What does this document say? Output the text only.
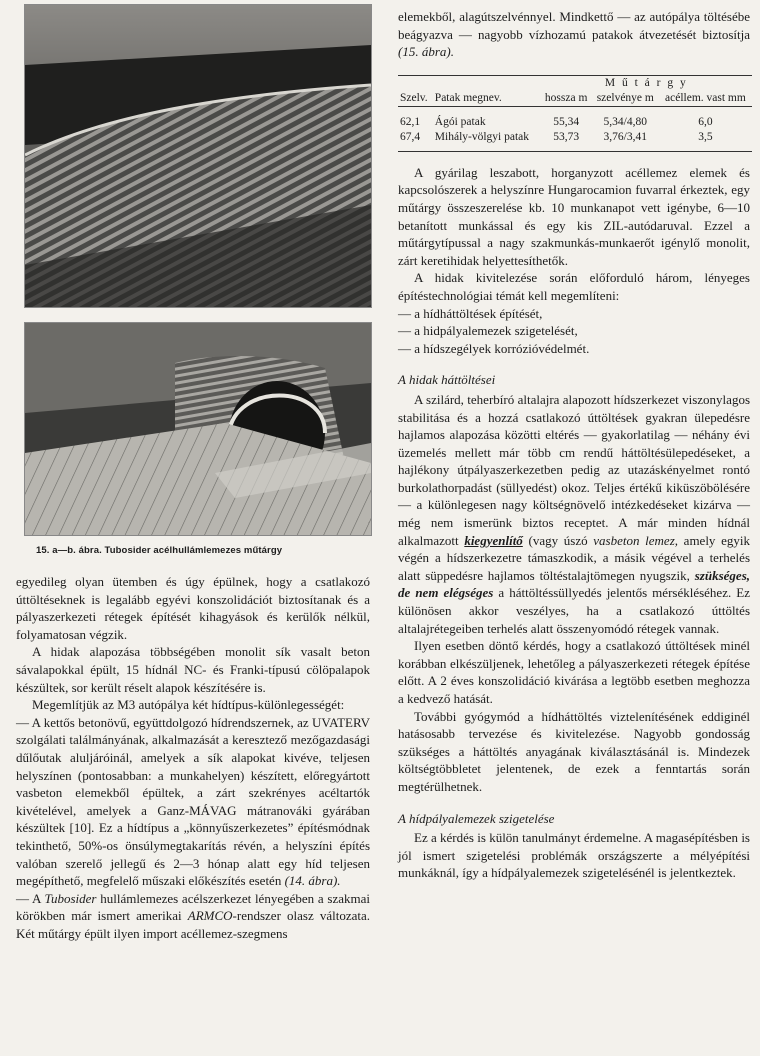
15. a—b. ábra. Tubosider acélhullámlemezes műtárgy

egyedileg olyan ütemben és úgy épülnek, hogy a csatlakozó úttöltéseknek is legalább egyévi konszolidációt biztosítanak és a pályaszerkezeti rétegek építését kihagyások és kerülők nélkül, folyamatosan végzik.

A hidak alapozása többségében monolit sík vasalt beton sávalapokkal épült, 15 hídnál NC- és Franki-típusú cölöpalapok készültek, sor került réselt alapok készítésére is.

Megemlítjük az M3 autópálya két hídtípus-különlegességét:

— A kettős betonövű, együttdolgozó hídrendszernek, az UVATERV szolgálati találmányának, alkalmazását a keresztező mezőgazdasági dűlőutak aluljáróinál, amelyek a sík alapokat kivéve, teljesen helyszínen (pontosabban: a munkahelyen) készített, előregyártott vasbeton elemekből épültek, a zárt szekrényes acéltartók kivételével, amelyek a Ganz-MÁVAG mátranováki gyárában készültek [10]. Ez a hídtípus a „könnyűszerkezetes” építésmódnak tekinthető, 50%-os önsúlymegtakarítás révén, a helyszíni építés valóban szerelő jellegű és 2—3 hónap alatt egy híd teljesen megépíthető, megfelelő műszaki előkészítés esetén (14. ábra).

— A Tubosider hullámlemezes acélszerkezet lényegében a szakmai körökben már ismert amerikai ARMCO-rendszer olasz változata. Két műtárgy épült ilyen import acéllemez-szegmens

elemekből, alagútszelvénnyel. Mindkettő — az autópálya töltésébe beágyazva — nagyobb vízhozamú patakok átvezetését biztosítja (15. ábra).

		M ű t á r g y		
Szelv.	Patak megnev.	hossza m	szelvénye m	acéllem. vast mm
62,1	Ágói patak	55,34	5,34/4,80	6,0
67,4	Mihály-völgyi patak	53,73	3,76/3,41	3,5

A gyárilag leszabott, horganyzott acéllemez elemek és kapcsolószerek a helyszínre Hungarocamion fuvarral érkeztek, egy műtárgy összeszerelése kb. 10 munkanapot vett igénybe, 6—10 betanított munkással és egy kis ZIL-autódaruval. Ezzel a műtárgytípussal a nagy szakmunkás-munkaerőt igénylő monolit, zárt keretihidak helyettesíthetők.

A hidak kivitelezése során előforduló három, lényeges építéstechnológiai témát kell megemlíteni:

— a hídháttöltések építését,

— a hidpályalemezek szigetelését,

— a hídszegélyek korrózióvédelmét.

A hidak háttöltései

A szilárd, teherbíró altalajra alapozott hídszerkezet viszonylagos stabilitása és a hozzá csatlakozó úttöltések gyakran ülepedésre hajlamos alapozása közötti eltérés — gyakorlatilag — néhány évi üzemelés mellett már több cm rendű háttöltésülepedéseket, a hajlékony útpályaszerkezetben pedig az utazáskényelmet rontó burkolathorpadást (süllyedést) okoz. Teljes értékű kiküszöbölésére — a különlegesen nagy költségnövelő intézkedéseket kizárva — még nem ismerünk biztos receptet. A már minden hídnál alkalmazott kiegyenlítő (vagy úszó vasbeton lemez, amely egyik végén a hídszerkezetre támaszkodik, a másik végével a terhelés alatt süppedésre hajlamos töltéstalajtömegen nyugszik, szükséges, de nem elégséges a háttöltéssüllyedés jelentős mérsékléséhez. Ez különösen akkor veszélyes, ha a csatlakozó úttöltés altalajrétegeiben terhelés alatt összenyomódó rétegek vannak.

Ilyen esetben döntő kérdés, hogy a csatlakozó úttöltések minél korábban elkészüljenek, lehetőleg a pályaszerkezeti rétegek építése előtt. A 2 éves konszolidáció kivárása a legtöbb esetben meghozza a kedvező hatását.

További gyógymód a hídháttöltés viztelenítésének eddiginél hatásosabb tervezése és kivitelezése. Nagyobb gondosság szükséges a háttöltés anyagának kiválasztásánál is. Mindezek költségtöbbletet jelentenek, de ezek a fenntartás során megtérülhetnek.

A hídpályalemezek szigetelése

Ez a kérdés is külön tanulmányt érdemelne. A magasépítésben is jól ismert szigetelési problémák országszerte a mélyépítési munkáknál, így a hídpályalemezek szigetelésénél is jelentkeztek.
